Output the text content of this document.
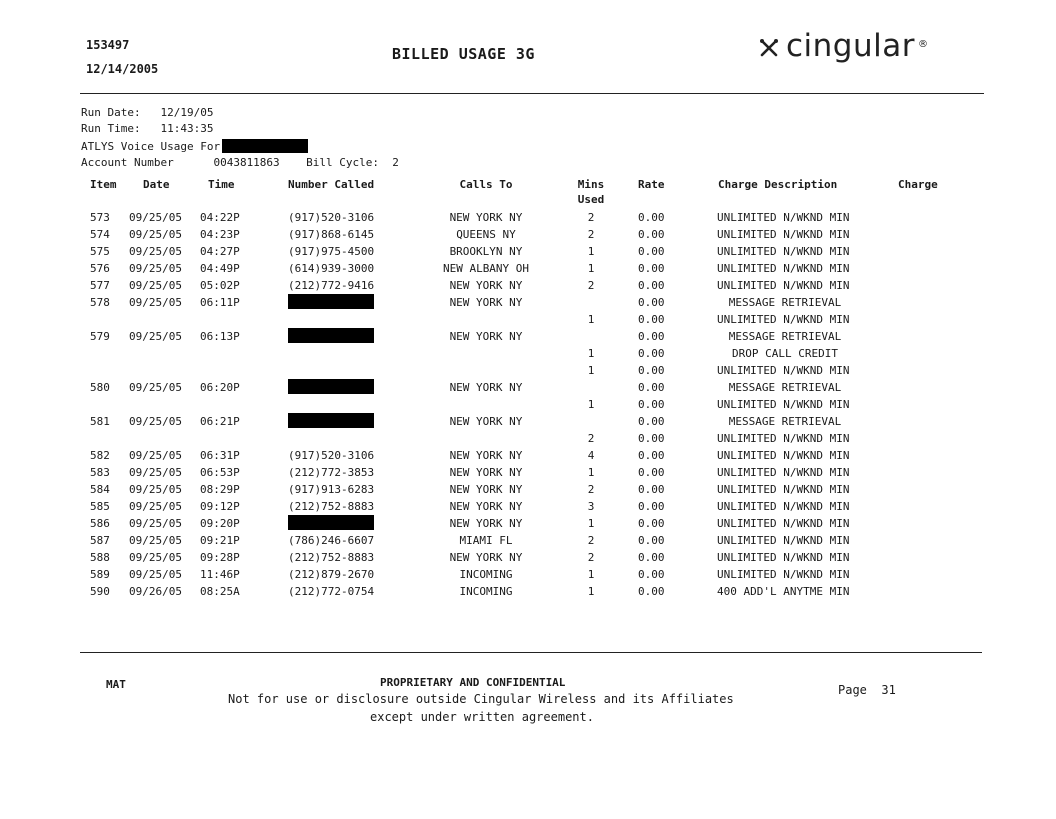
153497
12/14/2005
BILLED USAGE 3G	cingular ®
Run Date:   12/19/05
Run Time:   11:43:35
ATLYS Voice Usage For
Account Number      0043811863    Bill Cycle:  2
Item Date	Time	Number Called	Calls To	Mins
Used
Rate	Charge Description	Charge
573 09/25/05 04:22P	(917)520-3106	NEW YORK NY	2	0.00	UNLIMITED N/WKND MIN
574 09/25/05 04:23P	(917)868-6145	QUEENS NY	2	0.00	UNLIMITED N/WKND MIN
575 09/25/05 04:27P	(917)975-4500	BROOKLYN NY	1	0.00	UNLIMITED N/WKND MIN
576 09/25/05 04:49P	(614)939-3000	NEW ALBANY OH	1	0.00	UNLIMITED N/WKND MIN
577 09/25/05 05:02P	(212)772-9416	NEW YORK NY	2	0.00	UNLIMITED N/WKND MIN
578 09/25/05 06:11P	NEW YORK NY	0.00	MESSAGE RETRIEVAL
1	0.00	UNLIMITED N/WKND MIN
579 09/25/05 06:13P	NEW YORK NY	0.00	MESSAGE RETRIEVAL
1	0.00	DROP CALL CREDIT
1	0.00	UNLIMITED N/WKND MIN
580 09/25/05 06:20P	NEW YORK NY	0.00	MESSAGE RETRIEVAL
1	0.00	UNLIMITED N/WKND MIN
581 09/25/05 06:21P	NEW YORK NY	0.00	MESSAGE RETRIEVAL
2	0.00	UNLIMITED N/WKND MIN
582 09/25/05 06:31P	(917)520-3106	NEW YORK NY	4	0.00	UNLIMITED N/WKND MIN
583 09/25/05 06:53P	(212)772-3853	NEW YORK NY	1	0.00	UNLIMITED N/WKND MIN
584 09/25/05 08:29P	(917)913-6283	NEW YORK NY	2	0.00	UNLIMITED N/WKND MIN
585 09/25/05 09:12P	(212)752-8883	NEW YORK NY	3	0.00	UNLIMITED N/WKND MIN
586 09/25/05 09:20P	NEW YORK NY	1	0.00	UNLIMITED N/WKND MIN
587 09/25/05 09:21P	(786)246-6607	MIAMI FL	2	0.00	UNLIMITED N/WKND MIN
588 09/25/05 09:28P	(212)752-8883	NEW YORK NY	2	0.00	UNLIMITED N/WKND MIN
589 09/25/05 11:46P	(212)879-2670	INCOMING	1	0.00	UNLIMITED N/WKND MIN
590 09/26/05 08:25A	(212)772-0754	INCOMING	1	0.00	400 ADD'L ANYTME MIN
MAT	PROPRIETARY AND CONFIDENTIAL
Not for use or disclosure outside Cingular Wireless and its Affiliates
except under written agreement.
Page  31
